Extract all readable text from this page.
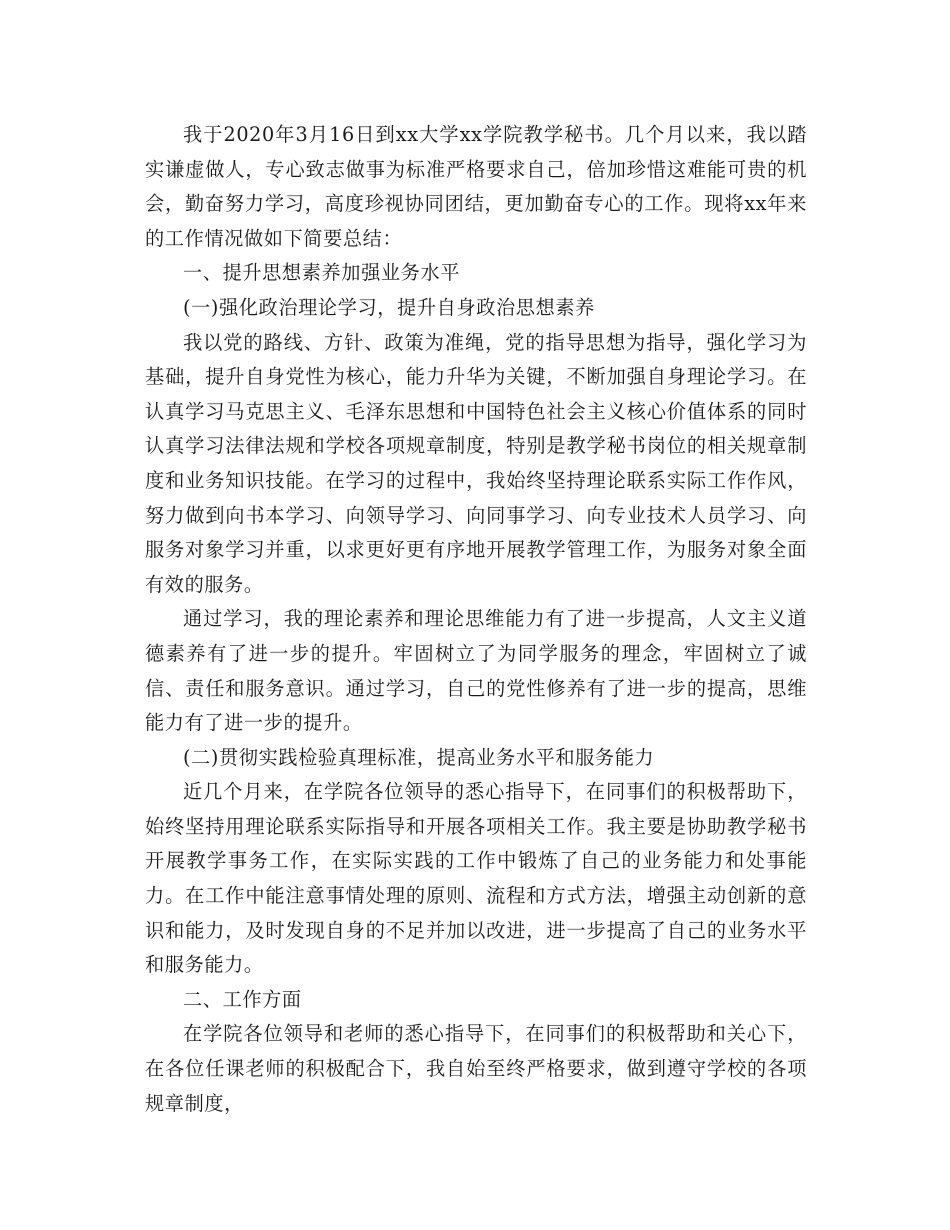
我于2020年3月16日到xx大学xx学院教学秘书。几个月以来，我以踏实谦虚做人，专心致志做事为标准严格要求自己，倍加珍惜这难能可贵的机会，勤奋努力学习，高度珍视协同团结，更加勤奋专心的工作。现将xx年来的工作情况做如下简要总结：

一、提升思想素养加强业务水平

(一)强化政治理论学习，提升自身政治思想素养

我以党的路线、方针、政策为准绳，党的指导思想为指导，强化学习为基础，提升自身党性为核心，能力升华为关键，不断加强自身理论学习。在认真学习马克思主义、毛泽东思想和中国特色社会主义核心价值体系的同时认真学习法律法规和学校各项规章制度，特别是教学秘书岗位的相关规章制度和业务知识技能。在学习的过程中，我始终坚持理论联系实际工作作风，努力做到向书本学习、向领导学习、向同事学习、向专业技术人员学习、向服务对象学习并重，以求更好更有序地开展教学管理工作，为服务对象全面有效的服务。

通过学习，我的理论素养和理论思维能力有了进一步提高，人文主义道德素养有了进一步的提升。牢固树立了为同学服务的理念，牢固树立了诚信、责任和服务意识。通过学习，自己的党性修养有了进一步的提高，思维能力有了进一步的提升。

(二)贯彻实践检验真理标准，提高业务水平和服务能力

近几个月来，在学院各位领导的悉心指导下，在同事们的积极帮助下，始终坚持用理论联系实际指导和开展各项相关工作。我主要是协助教学秘书开展教学事务工作，在实际实践的工作中锻炼了自己的业务能力和处事能力。在工作中能注意事情处理的原则、流程和方式方法，增强主动创新的意识和能力，及时发现自身的不足并加以改进，进一步提高了自己的业务水平和服务能力。

二、工作方面

在学院各位领导和老师的悉心指导下，在同事们的积极帮助和关心下，在各位任课老师的积极配合下，我自始至终严格要求，做到遵守学校的各项规章制度，
